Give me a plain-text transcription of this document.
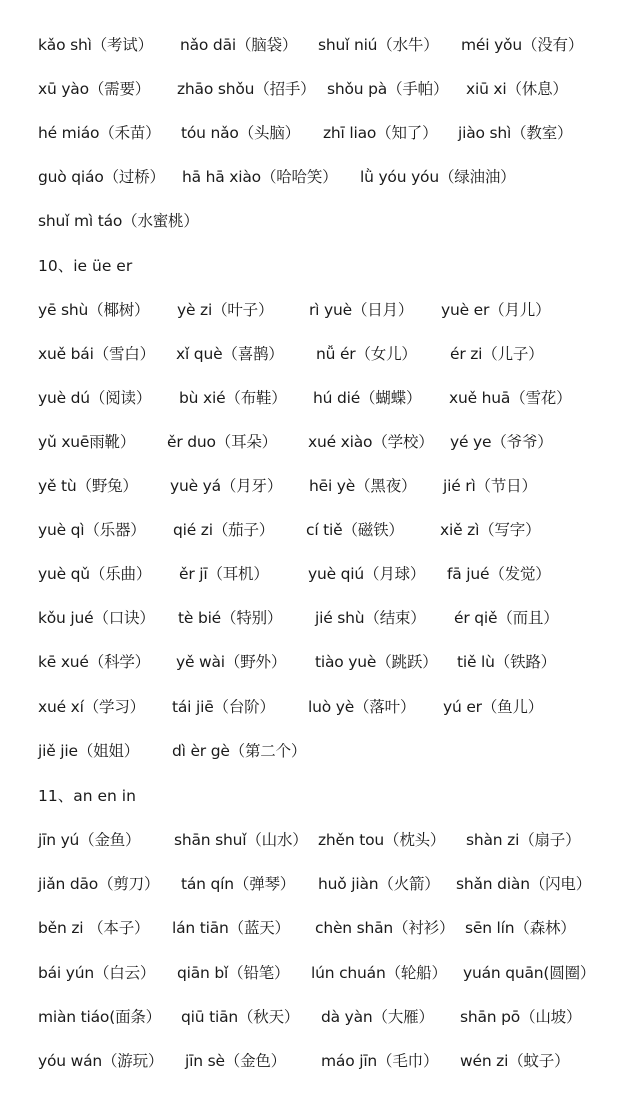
kǎo shì（考试） nǎo dāi（脑袋） shuǐ niú（水牛） méi yǒu（没有）
xū yào（需要） zhāo shǒu（招手） shǒu pà（手帕） xiū xi（休息）
hé miáo（禾苗） tóu nǎo（头脑） zhī liao（知了） jiào shì（教室）
guò qiáo（过桥） hā hā xiào（哈哈笑） lǜ yóu yóu（绿油油）
shuǐ mì táo（水蜜桃）
10、ie üe er
yē shù（椰树） yè zi（叶子） rì yuè（日月） yuè er（月儿）
xuě bái（雪白） xǐ què（喜鹊） nǚ ér（女儿） ér zi（儿子）
yuè dú（阅读） bù xié（布鞋） hú dié（蝴蝶） xuě huā（雪花）
yǔ xuē雨靴） ěr duo（耳朵） xué xiào（学校） yé ye（爷爷）
yě tù（野兔） yuè yá（月牙） hēi yè（黑夜） jié rì（节日）
yuè qì（乐器） qié zi（茄子） cí tiě（磁铁） xiě zì（写字）
yuè qǔ（乐曲） ěr jī（耳机）	yuè qiú（月球） fā jué（发觉）
kǒu jué（口诀） tè bié（特别） jié shù（结束） ér qiě（而且）
kē xué（科学） yě wài（野外） tiào yuè（跳跃） tiě lù（铁路）
xué xí（学习） tái jiē（台阶） luò yè（落叶） yú er（鱼儿）
jiě jie（姐姐） dì èr gè（第二个）
11、an en in
jīn yú（金鱼） shān shuǐ（山水） zhěn tou（枕头） shàn zi（扇子）
jiǎn dāo（剪刀） tán qín（弹琴） huǒ jiàn（火箭） shǎn diàn（闪电）
běn zi （本子） lán tiān（蓝天） chèn shān（衬衫） sēn lín（森林）
bái yún（白云） qiān bǐ（铅笔） lún chuán（轮船） yuán quān(圆圈）
miàn tiáo(面条） qiū tiān（秋天） dà yàn（大雁） shān pō（山坡）
yóu wán（游玩） jīn sè（金色） máo jīn（毛巾） wén zi（蚊子）
